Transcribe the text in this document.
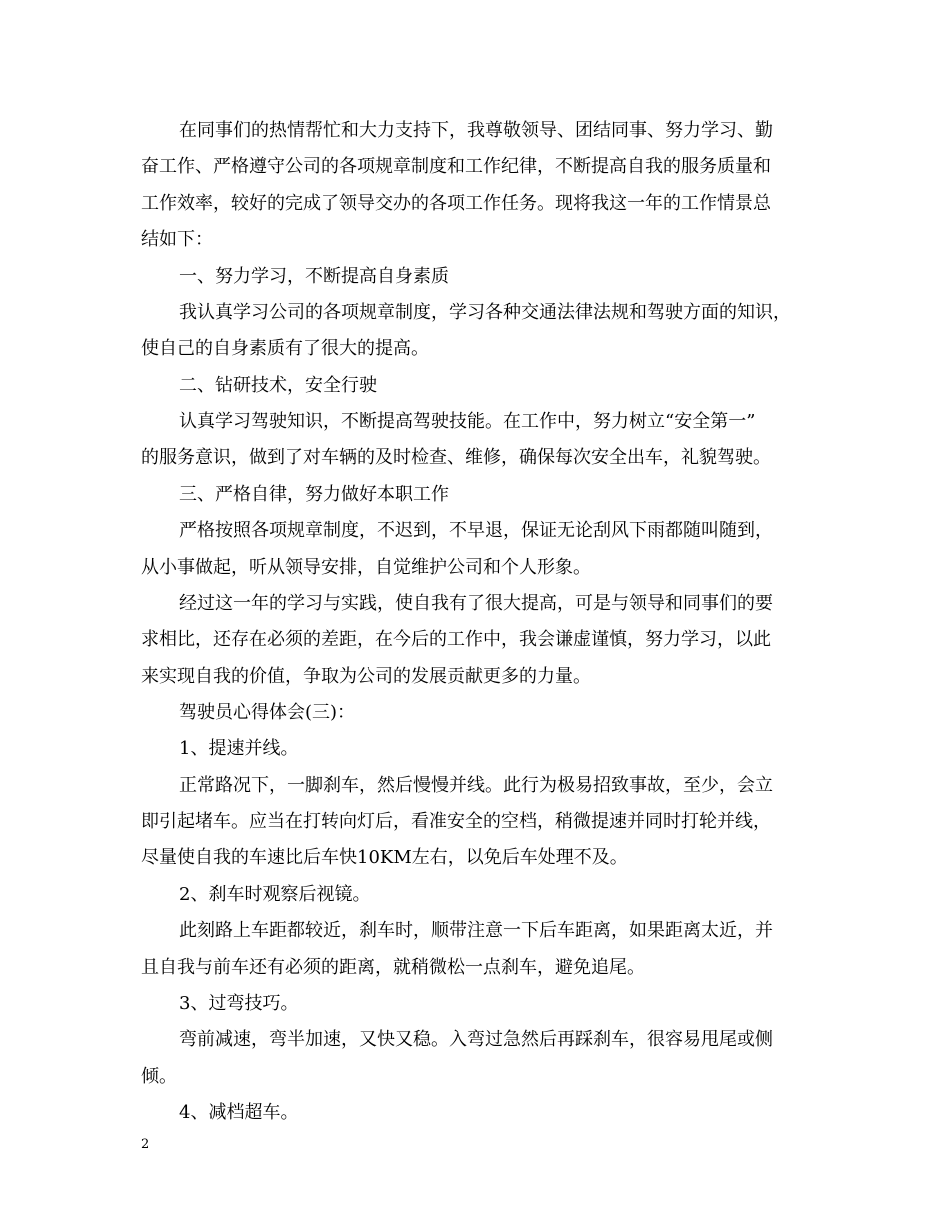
在同事们的热情帮忙和大力支持下，我尊敬领导、团结同事、努力学习、勤
奋工作、严格遵守公司的各项规章制度和工作纪律，不断提高自我的服务质量和
工作效率，较好的完成了领导交办的各项工作任务。现将我这一年的工作情景总
结如下：
一、努力学习，不断提高自身素质
我认真学习公司的各项规章制度，学习各种交通法律法规和驾驶方面的知识，
使自己的自身素质有了很大的提高。
二、钻研技术，安全行驶
认真学习驾驶知识，不断提高驾驶技能。在工作中，努力树立“安全第一”
的服务意识，做到了对车辆的及时检查、维修，确保每次安全出车，礼貌驾驶。
三、严格自律，努力做好本职工作
严格按照各项规章制度，不迟到，不早退，保证无论刮风下雨都随叫随到，
从小事做起，听从领导安排，自觉维护公司和个人形象。
经过这一年的学习与实践，使自我有了很大提高，可是与领导和同事们的要
求相比，还存在必须的差距，在今后的工作中，我会谦虚谨慎，努力学习，以此
来实现自我的价值，争取为公司的发展贡献更多的力量。
驾驶员心得体会(三)：
1、提速并线。
正常路况下，一脚刹车，然后慢慢并线。此行为极易招致事故，至少，会立
即引起堵车。应当在打转向灯后，看准安全的空档，稍微提速并同时打轮并线，
尽量使自我的车速比后车快10KM左右，以免后车处理不及。
2、刹车时观察后视镜。
此刻路上车距都较近，刹车时，顺带注意一下后车距离，如果距离太近，并
且自我与前车还有必须的距离，就稍微松一点刹车，避免追尾。
3、过弯技巧。
弯前减速，弯半加速，又快又稳。入弯过急然后再踩刹车，很容易甩尾或侧
倾。
4、减档超车。
2
